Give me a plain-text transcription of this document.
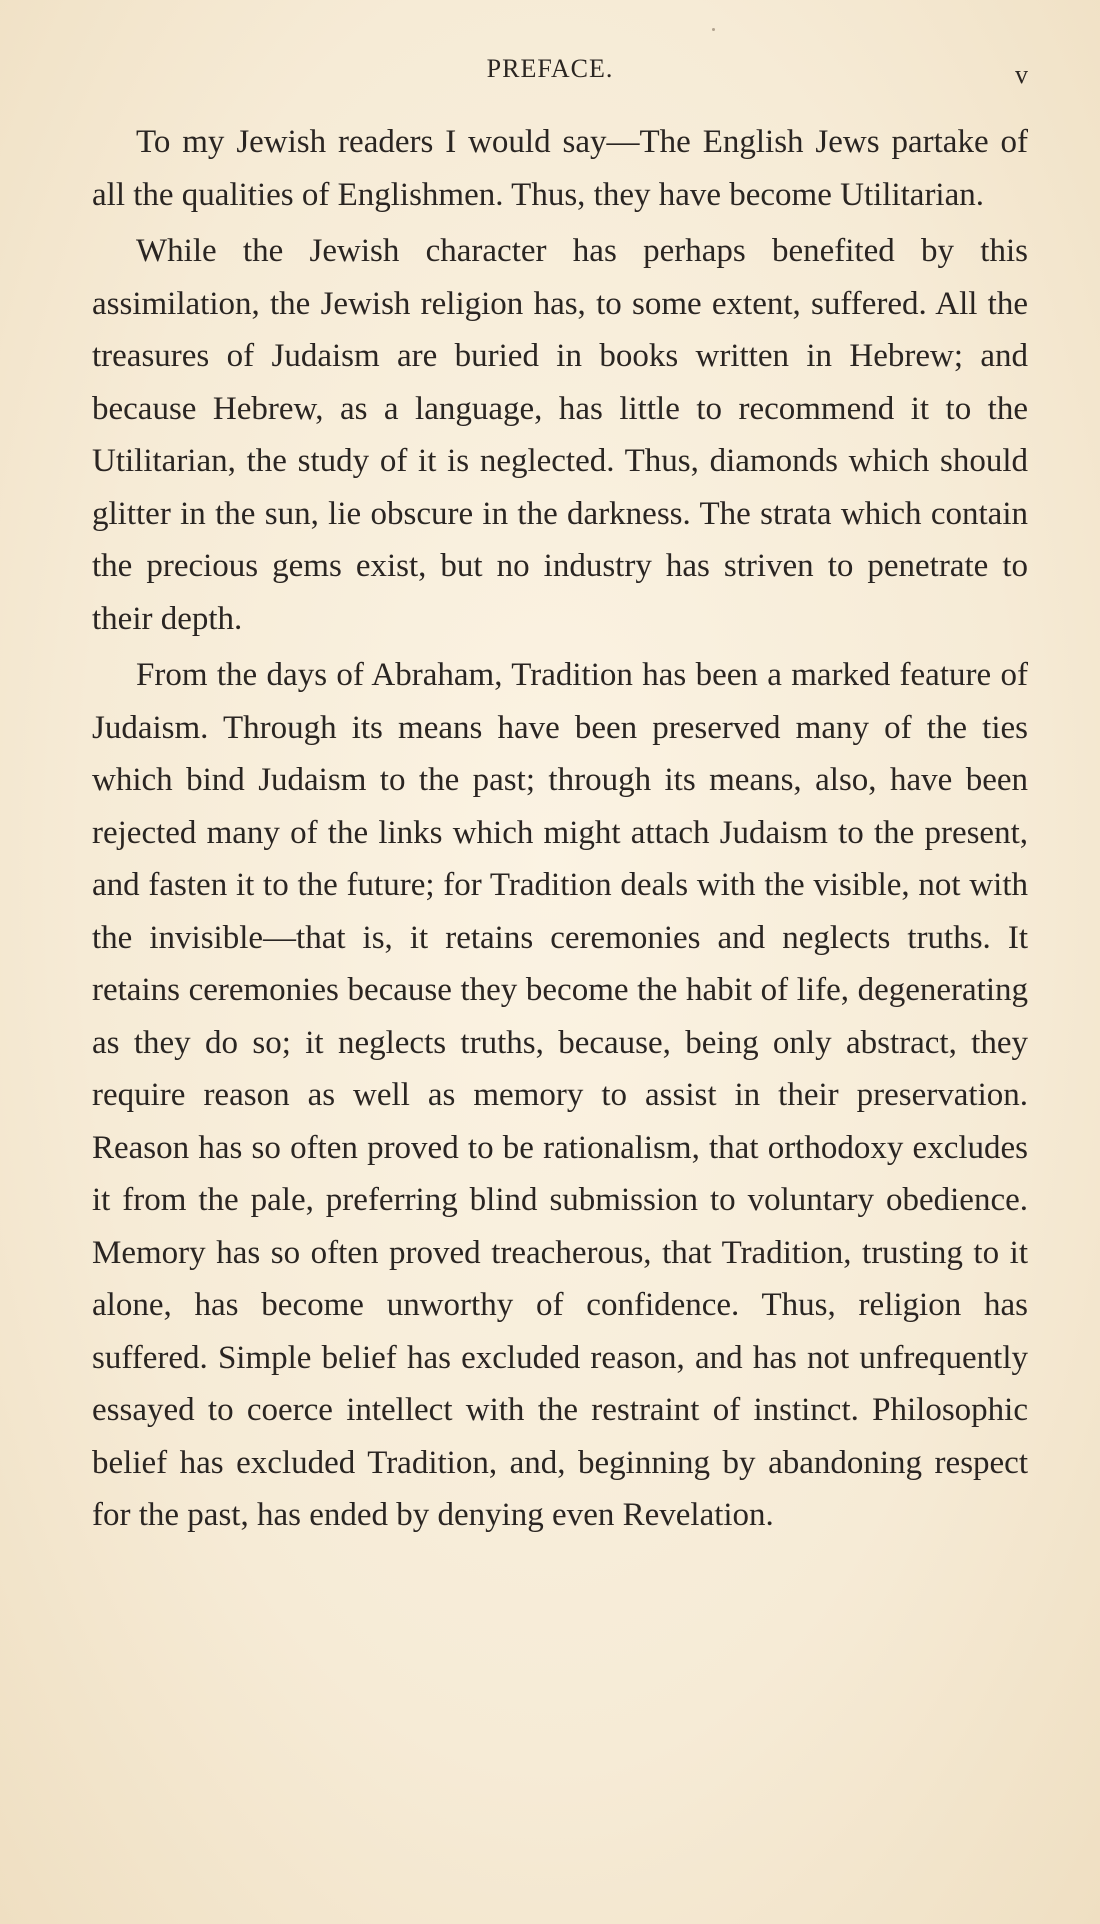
PREFACE.	v

To my Jewish readers I would say—The English Jews partake of all the qualities of Englishmen. Thus, they have become Utilitarian.

While the Jewish character has perhaps benefited by this assimilation, the Jewish religion has, to some extent, suffered. All the treasures of Judaism are buried in books written in Hebrew; and because Hebrew, as a language, has little to recommend it to the Utilitarian, the study of it is neglected. Thus, diamonds which should glitter in the sun, lie obscure in the darkness. The strata which contain the precious gems exist, but no industry has striven to penetrate to their depth.

From the days of Abraham, Tradition has been a marked feature of Judaism. Through its means have been preserved many of the ties which bind Judaism to the past; through its means, also, have been rejected many of the links which might attach Judaism to the present, and fasten it to the future; for Tradition deals with the visible, not with the invisible—that is, it retains ceremonies and neglects truths. It retains ceremonies because they become the habit of life, degenerating as they do so; it neglects truths, because, being only abstract, they require reason as well as memory to assist in their preservation. Reason has so often proved to be rationalism, that orthodoxy excludes it from the pale, preferring blind submission to voluntary obedience. Memory has so often proved treacherous, that Tradition, trusting to it alone, has become unworthy of confidence. Thus, religion has suffered. Simple belief has excluded reason, and has not unfrequently essayed to coerce intellect with the restraint of instinct. Philosophic belief has excluded Tradition, and, beginning by abandoning respect for the past, has ended by denying even Revelation.
